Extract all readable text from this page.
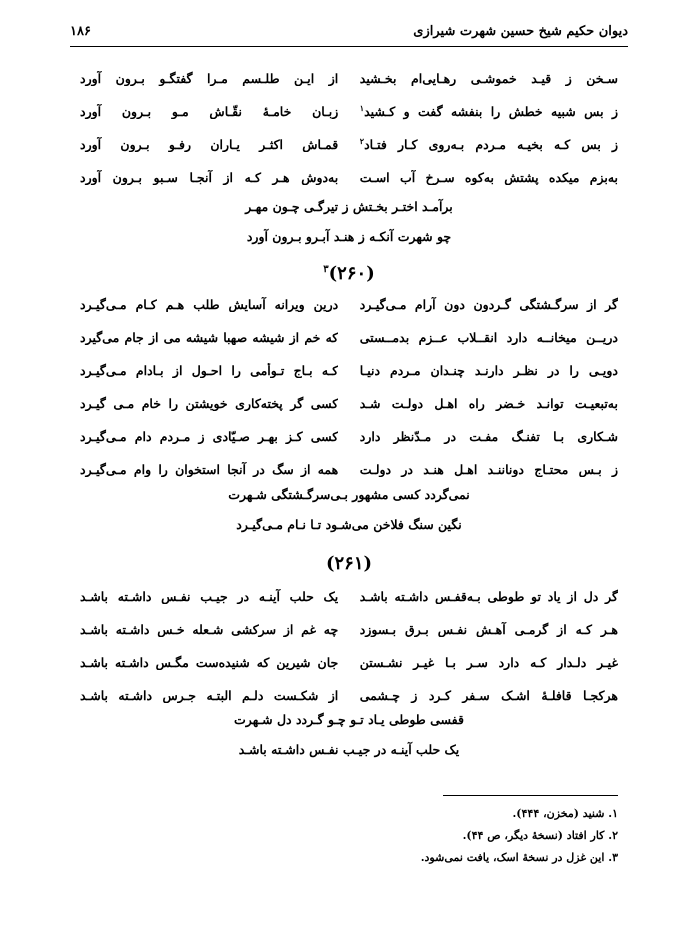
دیوان حکیم شیخ حسین شهرت شیرازی
۱۸۶
سـخن ز قیـد خموشـی رهـایی‌ام بخـشید
از ایـن طلـسم مـرا گفتگـو بـرون آورد
ز بس شبیه خطش را بنفشه گفت و کـشید$^۱$
زبـان خامـهٔ نقّـاش مـو بـرون آورد
ز بس کـه بخیـه مـردم بـه‌روی کـار فتـاد$^۲$
قمـاش اکثـر یـاران رفـو بـرون آورد
به‌بزم میکده پشتش به‌کوه سـرخ آب اسـت
به‌دوش هـر کـه از آنجـا سـبو بـرون آورد
برآمـد اختـر بخـتش ز تیرگـی چـون مهـر
چو شهرت آنکـه ز هنـد آبـرو بـرون آورد
(۲۶۰)$^۳$
گر از سرگـشتگی گـردون دون آرام مـی‌گیـرد
درین ویرانه آسایش طلب هـم کـام مـی‌گیـرد
دریــن میخانــه دارد انقــلاب عــزم بدمــستی
که خم از شیشه صهبا شیشه می از جام می‌گیرد
دویـی را در نظـر دارنـد چنـدان مـردم دنیـا
کـه بـاج تـوأمی را احـول از بـادام مـی‌گیـرد
به‌تبعیـت توانـد خـضر راه اهـل دولـت شـد
کسی گر پخته‌کاری خویشتن را خام مـی گیـرد
شـکاری بـا تفنـگ مفـت در مـدّنظر دارد
کسی کـز بهـر صـیّادی ز مـردم دام مـی‌گیـرد
ز بـس محتـاج دوناننـد اهـل هنـد در دولـت
همه از سگ در آنجا استخوان را وام مـی‌گیـرد
نمی‌گردد کسی مشهور بـی‌سرگـشتگی شـهرت
نگین سنگ فلاخن می‌شـود تـا نـام مـی‌گیـرد
(۲۶۱)
گر دل از یاد تو طوطی بـه‌قفـس داشـته باشـد
یک حلب آینـه در جیـب نفـس داشـته باشـد
هـر کـه از گرمـی آهـش نفـس بـرق بـسوزد
چه غم از سرکشی شـعله خـس داشـته باشـد
غیـر دلـدار کـه دارد سـر بـا غیـر نشـستن
جان شیرین که شنیده‌ست مگـس داشـته باشـد
هرکجـا قافلـهٔ اشـک سـفر کـرد ز چـشمی
از شکـست دلـم البتـه جـرس داشـته باشـد
قفسی طوطی یـاد تـو چـو گـردد دل شـهرت
یک حلب آینـه در جیـب نفـس داشـته باشـد
۱. شنید (مخزن، ۴۴۴).
۲. کار افتاد (نسخهٔ دیگر، ص ۴۴).
۳. این غزل در نسخهٔ اسک، یافت نمی‌شود.
